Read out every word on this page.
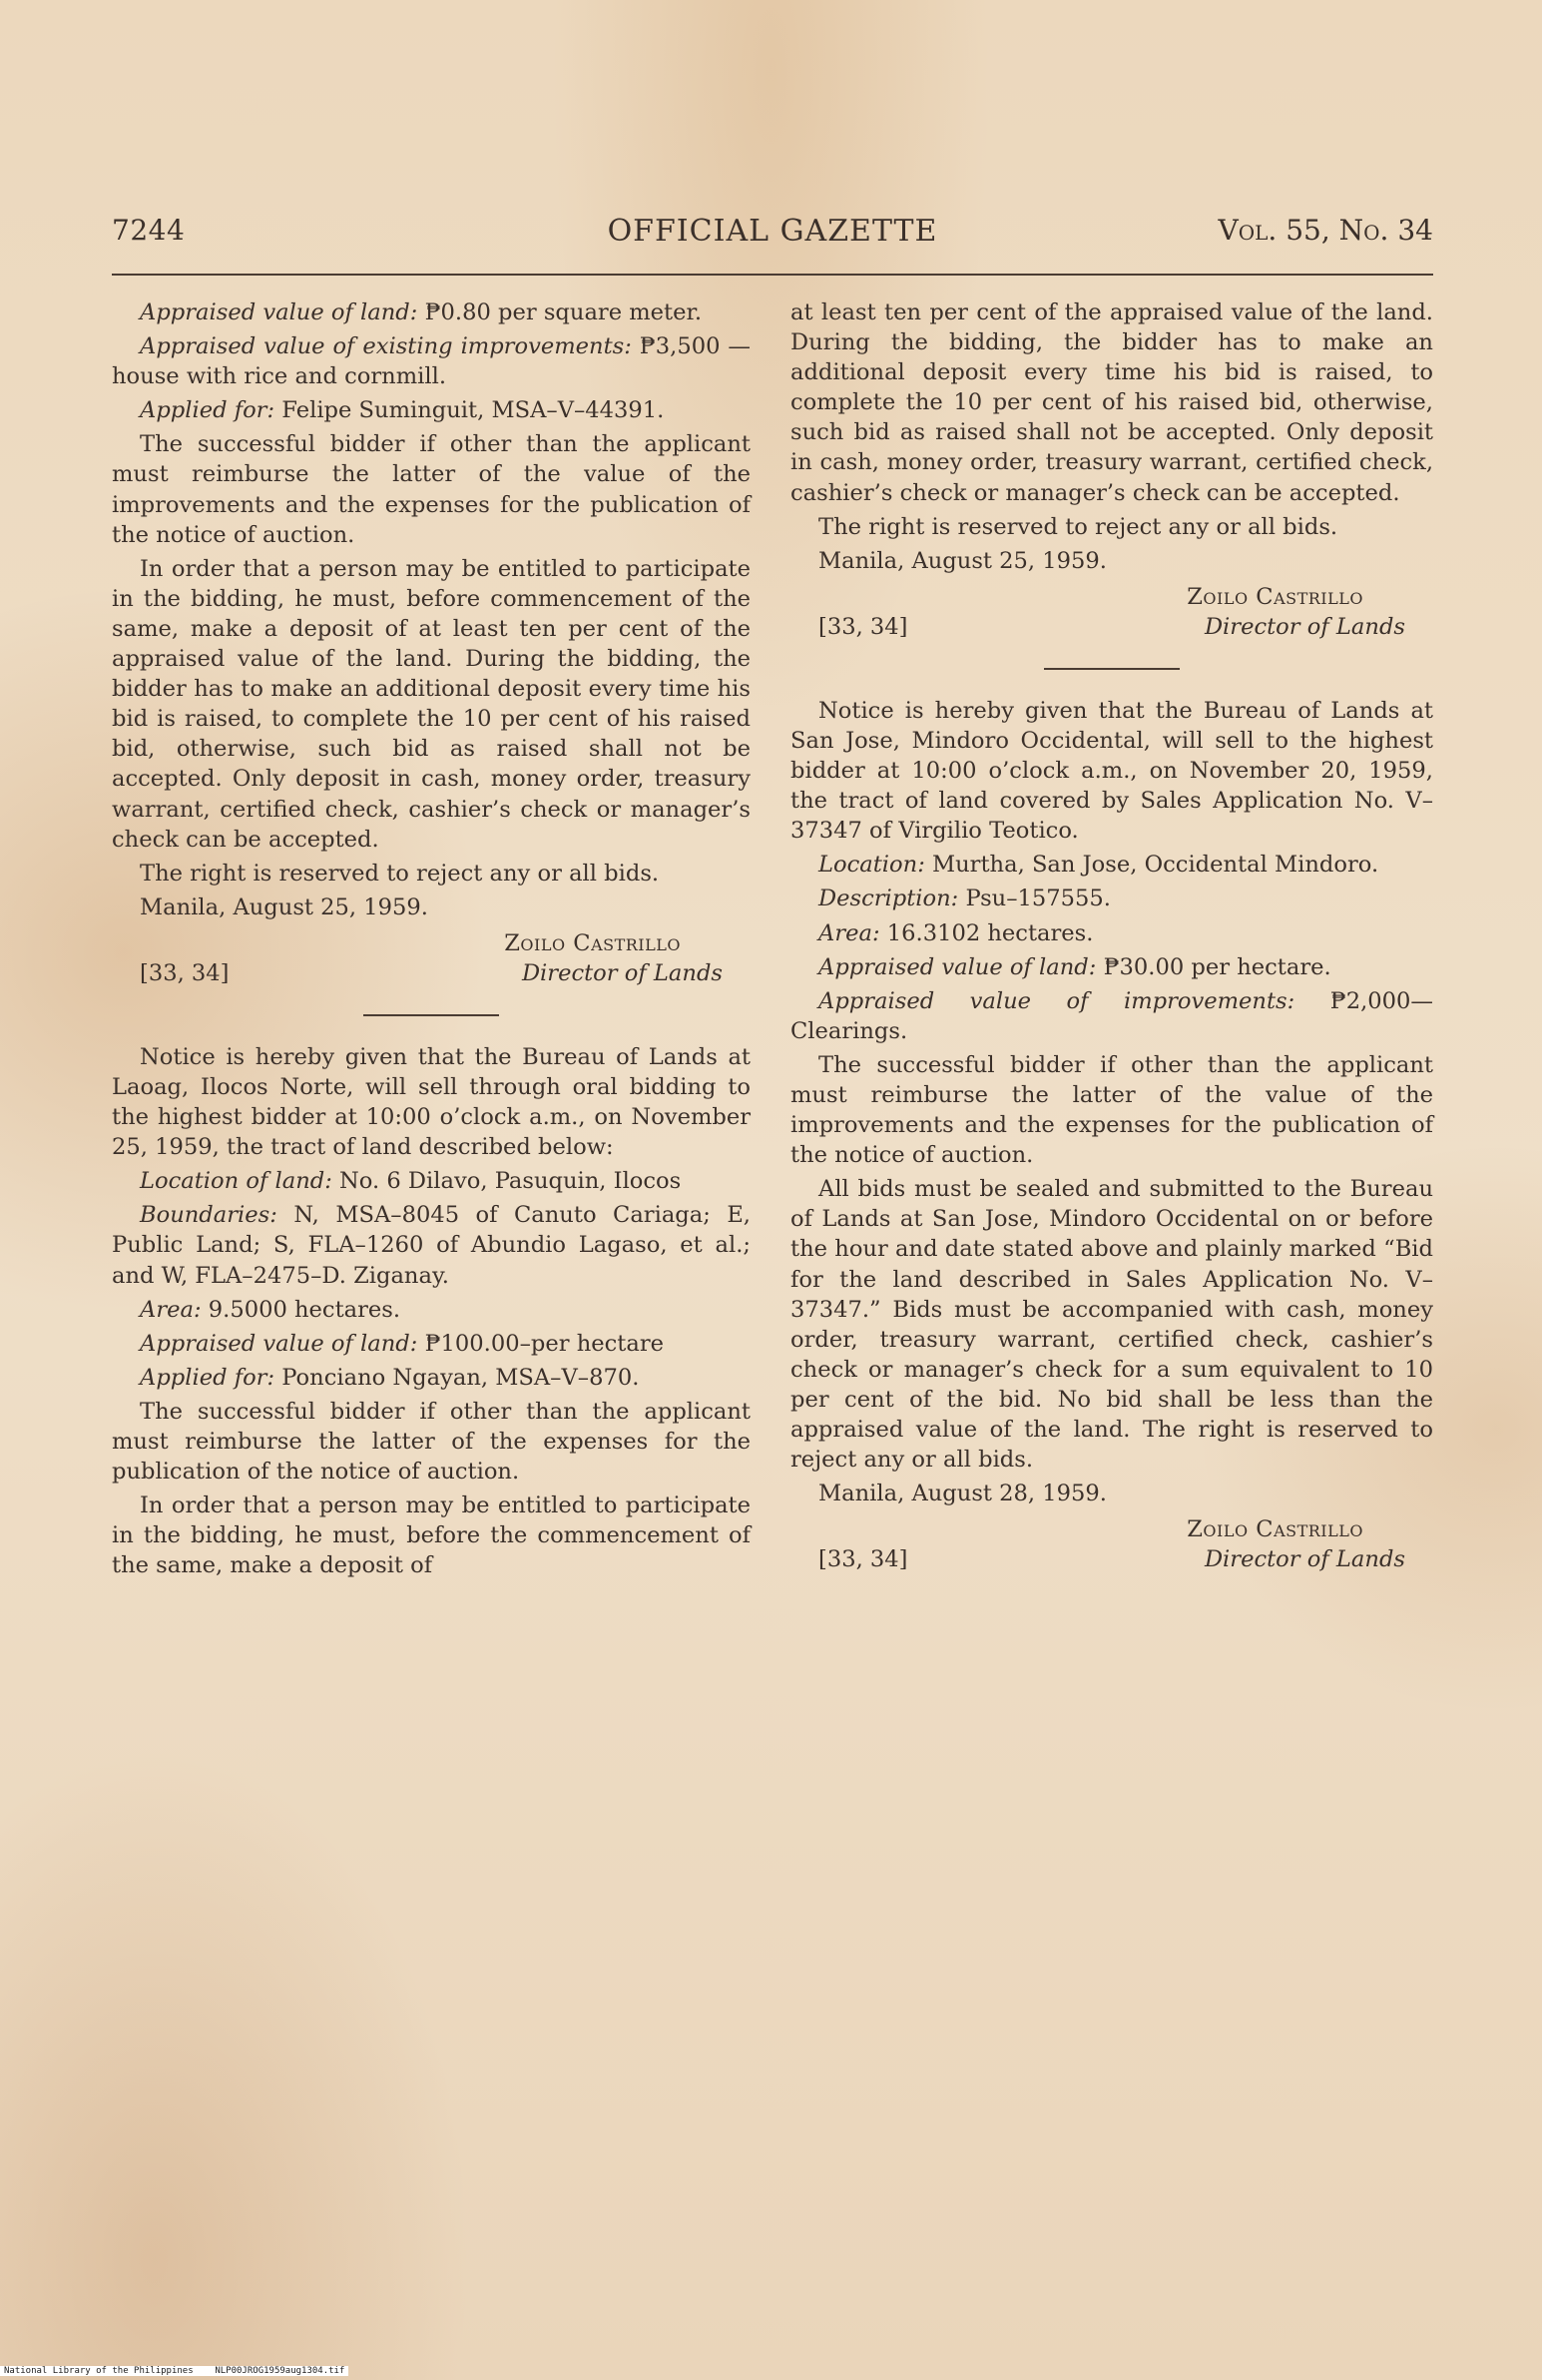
7244	OFFICIAL GAZETTE	Vol. 55, No. 34

Appraised value of land: ₱0.80 per square meter.

Appraised value of existing improvements: ₱3,500 —house with rice and cornmill.

Applied for: Felipe Suminguit, MSA–V–44391.

The successful bidder if other than the applicant must reimburse the latter of the value of the improvements and the expenses for the publication of the notice of auction.

In order that a person may be entitled to participate in the bidding, he must, before commencement of the same, make a deposit of at least ten per cent of the appraised value of the land. During the bidding, the bidder has to make an additional deposit every time his bid is raised, to complete the 10 per cent of his raised bid, otherwise, such bid as raised shall not be accepted. Only deposit in cash, money order, treasury warrant, certified check, cashier’s check or manager’s check can be accepted.

The right is reserved to reject any or all bids.

Manila, August 25, 1959.

[33, 34]
Zoilo Castrillo
Director of Lands

Notice is hereby given that the Bureau of Lands at Laoag, Ilocos Norte, will sell through oral bidding to the highest bidder at 10:00 o’clock a.m., on November 25, 1959, the tract of land described below:

Location of land: No. 6 Dilavo, Pasuquin, Ilocos

Boundaries: N, MSA–8045 of Canuto Cariaga; E, Public Land; S, FLA–1260 of Abundio Lagaso, et al.; and W, FLA–2475–D. Ziganay.

Area: 9.5000 hectares.

Appraised value of land: ₱100.00–per hectare

Applied for: Ponciano Ngayan, MSA–V–870.

The successful bidder if other than the applicant must reimburse the latter of the expenses for the publication of the notice of auction.

In order that a person may be entitled to participate in the bidding, he must, before the commencement of the same, make a deposit of

at least ten per cent of the appraised value of the land. During the bidding, the bidder has to make an additional deposit every time his bid is raised, to complete the 10 per cent of his raised bid, otherwise, such bid as raised shall not be accepted. Only deposit in cash, money order, treasury warrant, certified check, cashier’s check or manager’s check can be accepted.

The right is reserved to reject any or all bids.

Manila, August 25, 1959.

[33, 34]
Zoilo Castrillo
Director of Lands

Notice is hereby given that the Bureau of Lands at San Jose, Mindoro Occidental, will sell to the highest bidder at 10:00 o’clock a.m., on November 20, 1959, the tract of land covered by Sales Application No. V–37347 of Virgilio Teotico.

Location: Murtha, San Jose, Occidental Mindoro.

Description: Psu–157555.

Area: 16.3102 hectares.

Appraised value of land: ₱30.00 per hectare.

Appraised value of improvements: ₱2,000—Clearings.

The successful bidder if other than the applicant must reimburse the latter of the value of the improvements and the expenses for the publication of the notice of auction.

All bids must be sealed and submitted to the Bureau of Lands at San Jose, Mindoro Occidental on or before the hour and date stated above and plainly marked “Bid for the land described in Sales Application No. V–37347.” Bids must be accompanied with cash, money order, treasury warrant, certified check, cashier’s check or manager’s check for a sum equivalent to 10 per cent of the bid. No bid shall be less than the appraised value of the land. The right is reserved to reject any or all bids.

Manila, August 28, 1959.

[33, 34]
Zoilo Castrillo
Director of Lands
National Library of the Philippines NLP00JROG1959aug1304.tif
